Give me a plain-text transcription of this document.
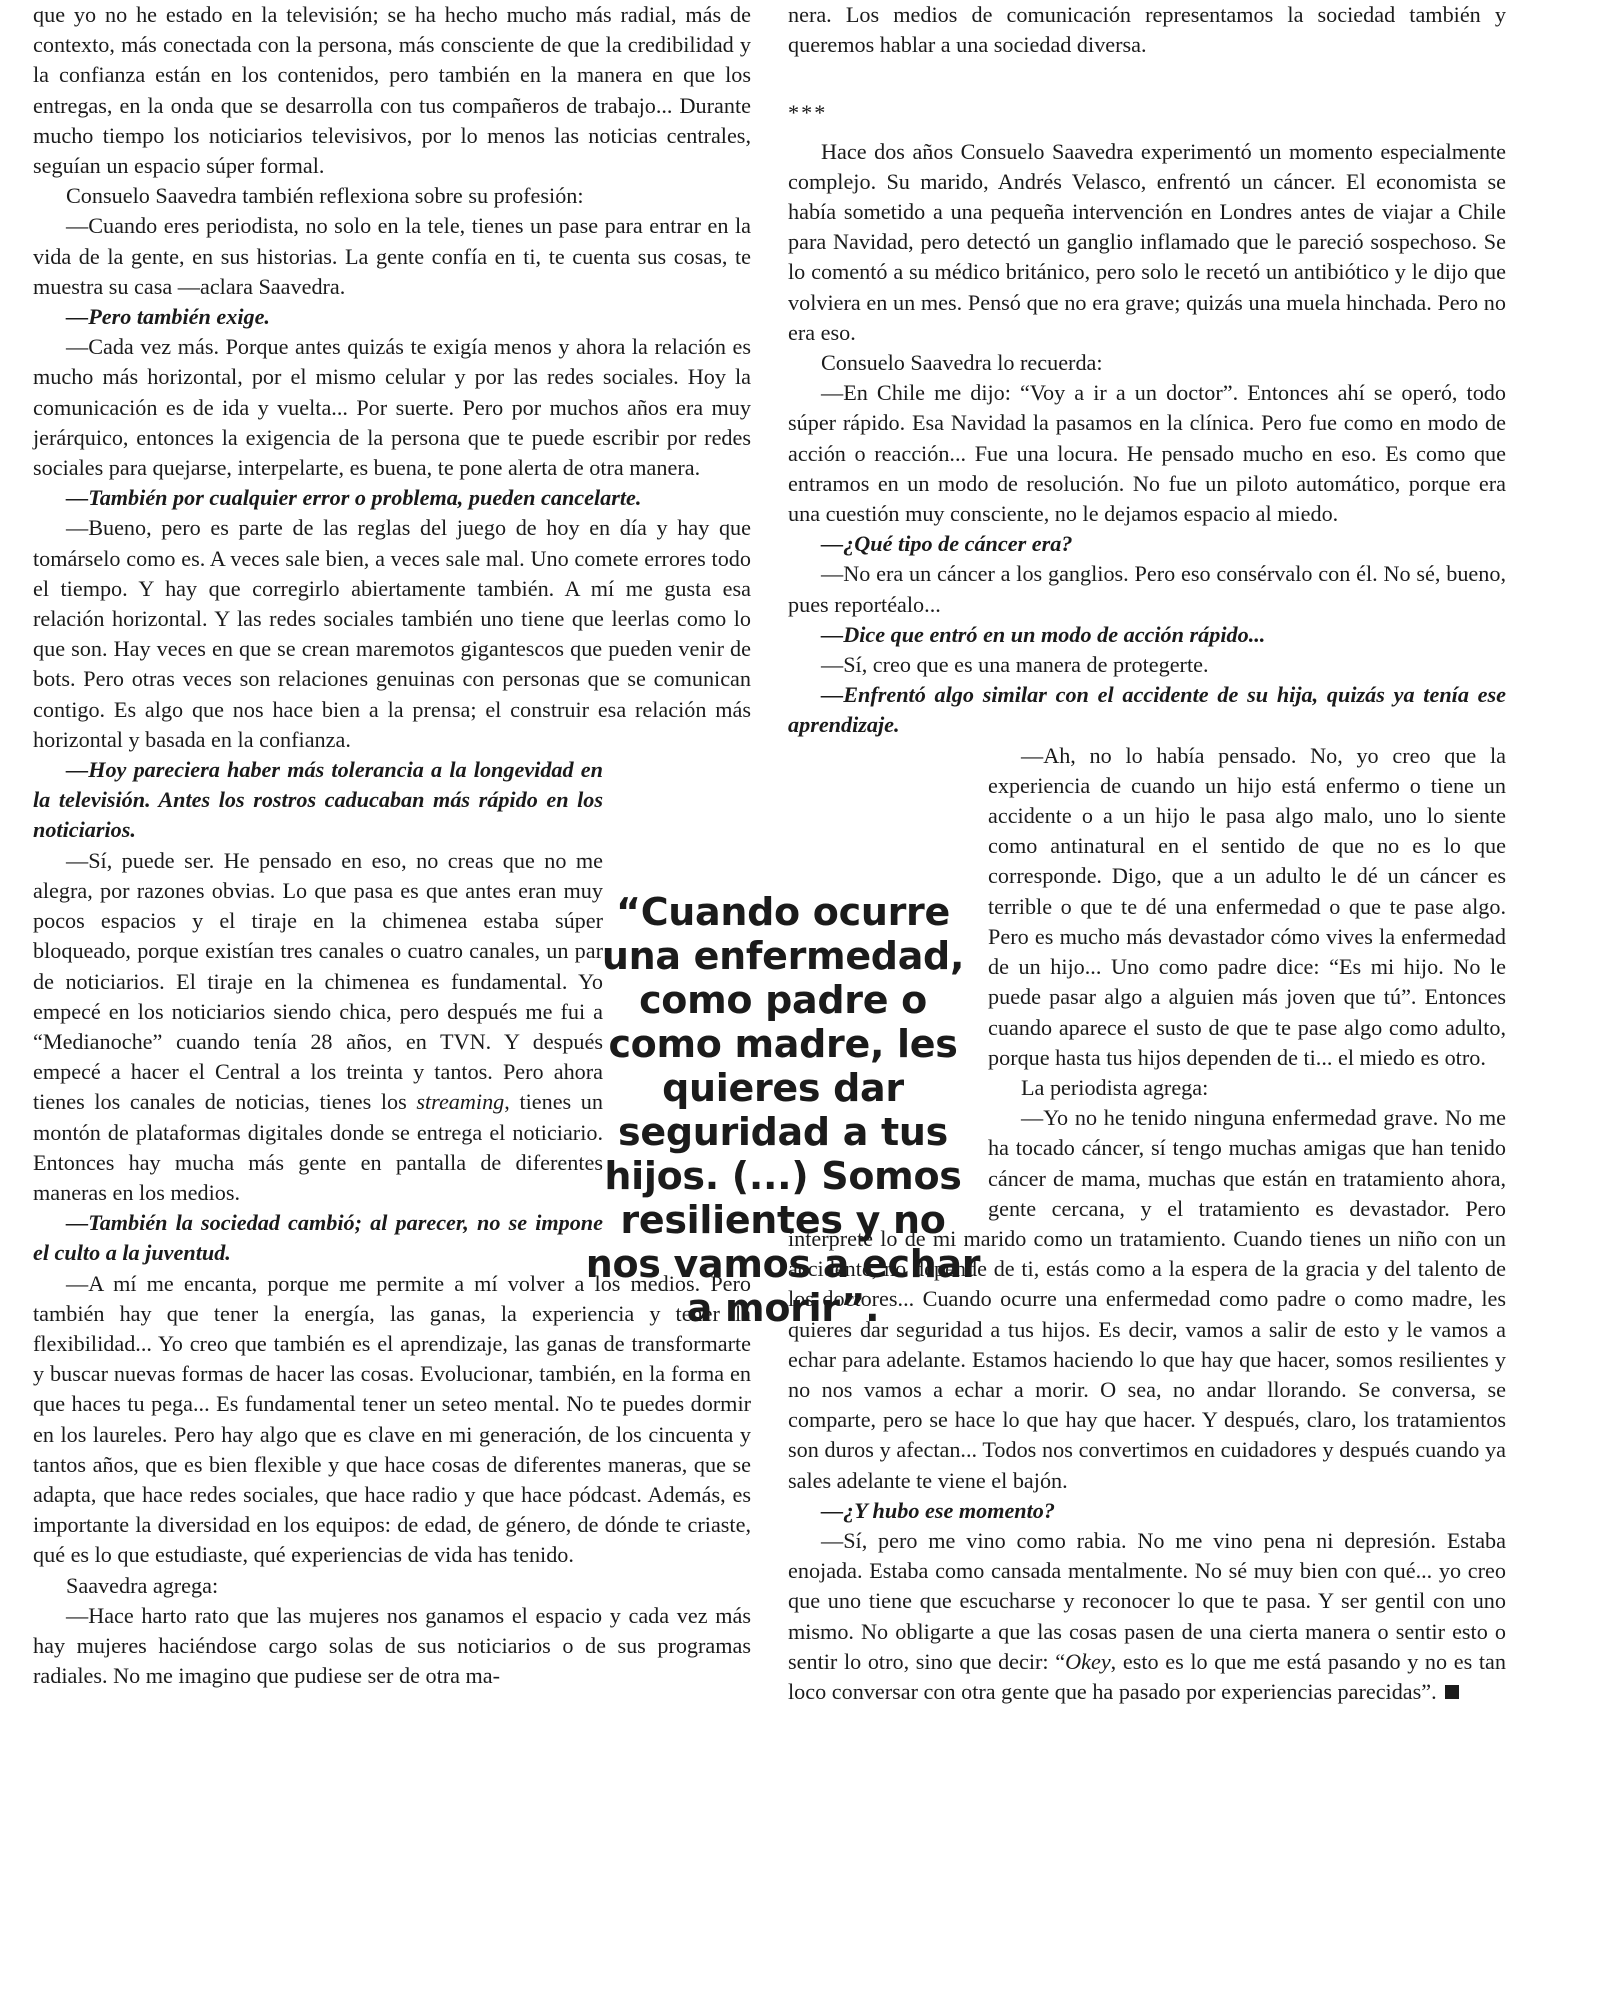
que yo no he estado en la televisión; se ha hecho mucho más radial, más de contexto, más conectada con la persona, más consciente de que la credibilidad y la confianza están en los contenidos, pero también en la manera en que los entregas, en la onda que se desarrolla con tus compañeros de trabajo... Durante mucho tiempo los noticiarios televisivos, por lo menos las noticias centrales, seguían un espacio súper formal.

Consuelo Saavedra también reflexiona sobre su profesión:

—Cuando eres periodista, no solo en la tele, tienes un pase para entrar en la vida de la gente, en sus historias. La gente confía en ti, te cuenta sus cosas, te muestra su casa —aclara Saavedra.

—Pero también exige.

—Cada vez más. Porque antes quizás te exigía menos y ahora la relación es mucho más horizontal, por el mismo celular y por las redes sociales. Hoy la comunicación es de ida y vuelta... Por suerte. Pero por muchos años era muy jerárquico, entonces la exigencia de la persona que te puede escribir por redes sociales para quejarse, interpelarte, es buena, te pone alerta de otra manera.

—También por cualquier error o problema, pueden cancelarte.

—Bueno, pero es parte de las reglas del juego de hoy en día y hay que tomárselo como es. A veces sale bien, a veces sale mal. Uno comete errores todo el tiempo. Y hay que corregirlo abiertamente también. A mí me gusta esa relación horizontal. Y las redes sociales también uno tiene que leerlas como lo que son. Hay veces en que se crean maremotos gigantescos que pueden venir de bots. Pero otras veces son relaciones genuinas con personas que se comunican contigo. Es algo que nos hace bien a la prensa; el construir esa relación más horizontal y basada en la confianza.

—Hoy pareciera haber más tolerancia a la longevidad en la televisión. Antes los rostros caducaban más rápido en los noticiarios.

—Sí, puede ser. He pensado en eso, no creas que no me alegra, por razones obvias. Lo que pasa es que antes eran muy pocos espacios y el tiraje en la chimenea estaba súper bloqueado, porque existían tres canales o cuatro canales, un par de noticiarios. El tiraje en la chimenea es fundamental. Yo empecé en los noticiarios siendo chica, pero después me fui a “Medianoche” cuando tenía 28 años, en TVN. Y después empecé a hacer el Central a los treinta y tantos. Pero ahora tienes los canales de noticias, tienes los streaming, tienes un montón de plataformas digitales donde se entrega el noticiario. Entonces hay mucha más gente en pantalla de diferentes maneras en los medios.

—También la sociedad cambió; al parecer, no se impone el culto a la juventud.

—A mí me encanta, porque me permite a mí volver a los medios. Pero también hay que tener la energía, las ganas, la experiencia y tener la flexibilidad... Yo creo que también es el aprendizaje, las ganas de transformarte y buscar nuevas formas de hacer las cosas. Evolucionar, también, en la forma en que haces tu pega... Es fundamental tener un seteo mental. No te puedes dormir en los laureles. Pero hay algo que es clave en mi generación, de los cincuenta y tantos años, que es bien flexible y que hace cosas de diferentes maneras, que se adapta, que hace redes sociales, que hace radio y que hace pódcast. Además, es importante la diversidad en los equipos: de edad, de género, de dónde te criaste, qué es lo que estudiaste, qué experiencias de vida has tenido.

Saavedra agrega:

—Hace harto rato que las mujeres nos ganamos el espacio y cada vez más hay mujeres haciéndose cargo solas de sus noticiarios o de sus programas radiales. No me imagino que pudiese ser de otra ma-

nera. Los medios de comunicación representamos la sociedad también y queremos hablar a una sociedad diversa.

***

Hace dos años Consuelo Saavedra experimentó un momento especialmente complejo. Su marido, Andrés Velasco, enfrentó un cáncer. El economista se había sometido a una pequeña intervención en Londres antes de viajar a Chile para Navidad, pero detectó un ganglio inflamado que le pareció sospechoso. Se lo comentó a su médico británico, pero solo le recetó un antibiótico y le dijo que volviera en un mes. Pensó que no era grave; quizás una muela hinchada. Pero no era eso.

Consuelo Saavedra lo recuerda:

—En Chile me dijo: “Voy a ir a un doctor”. Entonces ahí se operó, todo súper rápido. Esa Navidad la pasamos en la clínica. Pero fue como en modo de acción o reacción... Fue una locura. He pensado mucho en eso. Es como que entramos en un modo de resolución. No fue un piloto automático, porque era una cuestión muy consciente, no le dejamos espacio al miedo.

—¿Qué tipo de cáncer era?

—No era un cáncer a los ganglios. Pero eso consérvalo con él. No sé, bueno, pues reportéalo...

—Dice que entró en un modo de acción rápido...

—Sí, creo que es una manera de protegerte.

—Enfrentó algo similar con el accidente de su hija, quizás ya tenía ese aprendizaje.

—Ah, no lo había pensado. No, yo creo que la experiencia de cuando un hijo está enfermo o tiene un accidente o a un hijo le pasa algo malo, uno lo siente como antinatural en el sentido de que no es lo que corresponde. Digo, que a un adulto le dé un cáncer es terrible o que te dé una enfermedad o que te pase algo. Pero es mucho más devastador cómo vives la enfermedad de un hijo... Uno como padre dice: “Es mi hijo. No le puede pasar algo a alguien más joven que tú”. Entonces cuando aparece el susto de que te pase algo como adulto, porque hasta tus hijos dependen de ti... el miedo es otro.

La periodista agrega:

—Yo no he tenido ninguna enfermedad grave. No me ha tocado cáncer, sí tengo muchas amigas que han tenido cáncer de mama, muchas que están en tratamiento ahora, gente cercana, y el tratamiento es devastador. Pero interpreté lo de mi marido como un tratamiento. Cuando tienes un niño con un accidente, no depende de ti, estás como a la espera de la gracia y del talento de los doctores... Cuando ocurre una enfermedad como padre o como madre, les quieres dar seguridad a tus hijos. Es decir, vamos a salir de esto y le vamos a echar para adelante. Estamos haciendo lo que hay que hacer, somos resilientes y no nos vamos a echar a morir. O sea, no andar llorando. Se conversa, se comparte, pero se hace lo que hay que hacer. Y después, claro, los tratamientos son duros y afectan... Todos nos convertimos en cuidadores y después cuando ya sales adelante te viene el bajón.

—¿Y hubo ese momento?

—Sí, pero me vino como rabia. No me vino pena ni depresión. Estaba enojada. Estaba como cansada mentalmente. No sé muy bien con qué... yo creo que uno tiene que escucharse y reconocer lo que te pasa. Y ser gentil con uno mismo. No obligarte a que las cosas pasen de una cierta manera o sentir esto o sentir lo otro, sino que decir: “Okey, esto es lo que me está pasando y no es tan loco conversar con otra gente que ha pasado por experiencias parecidas”.

“Cuando ocurre una enfermedad, como padre o como madre, les quieres dar seguridad a tus hijos. (...) Somos resilientes y no nos vamos a echar a morir”.
